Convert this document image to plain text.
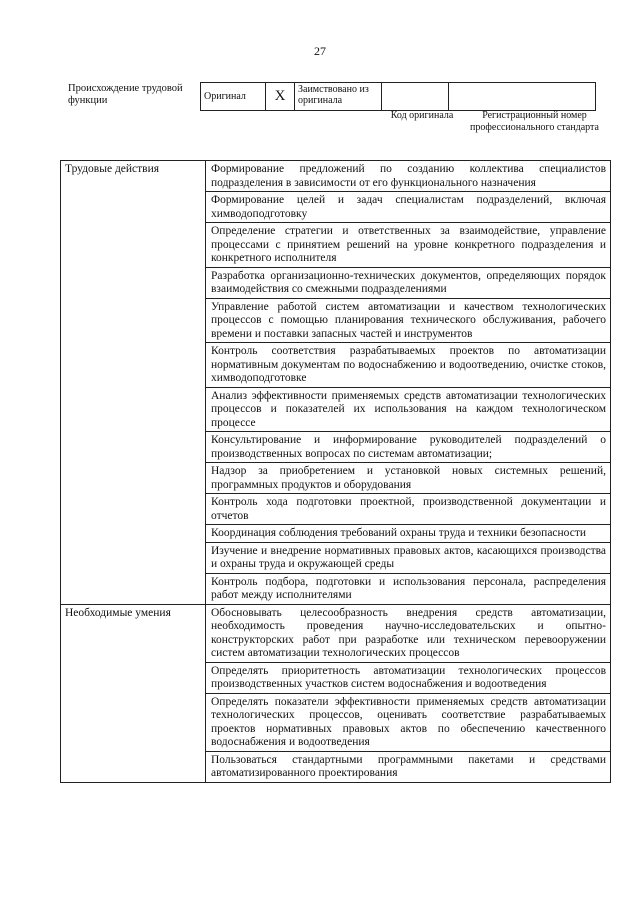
27
Происхождение трудовой функции	Оригинал	X	Заимствовано из оригинала		
Код оригинала	Регистрационный номер профессионального стандарта
Трудовые действия	Формирование предложений по созданию коллектива специалистов подразделения в зависимости от его функционального назначения
	Формирование целей и задач специалистам подразделений, включая химводоподготовку
	Определение стратегии и ответственных за взаимодействие, управление процессами с принятием решений на уровне конкретного подразделения и конкретного исполнителя
	Разработка организационно-технических документов, определяющих порядок взаимодействия со смежными подразделениями
	Управление работой систем автоматизации и качеством технологических процессов с помощью планирования технического обслуживания, рабочего времени и поставки запасных частей и инструментов
	Контроль соответствия разрабатываемых проектов по автоматизации нормативным документам по водоснабжению и водоотведению, очистке стоков, химводоподготовке
	Анализ эффективности применяемых средств автоматизации технологических процессов и показателей их использования на каждом технологическом процессе
	Консультирование и информирование руководителей подразделений о производственных вопросах по системам автоматизации;
	Надзор за приобретением и установкой новых системных решений, программных продуктов и оборудования
	Контроль хода подготовки проектной, производственной документации и отчетов
	Координация соблюдения требований охраны труда и техники безопасности
	Изучение и внедрение нормативных правовых актов, касающихся производства и охраны труда и окружающей среды
	Контроль подбора, подготовки и использования персонала, распределения работ между исполнителями
Необходимые умения	Обосновывать целесообразность внедрения средств автоматизации, необходимость проведения научно-исследовательских и опытно-конструкторских работ при разработке или техническом перевооружении систем автоматизации технологических процессов
	Определять приоритетность автоматизации технологических процессов производственных участков систем водоснабжения и водоотведения
	Определять показатели эффективности применяемых средств автоматизации технологических процессов, оценивать соответствие разрабатываемых проектов нормативных правовых актов по обеспечению качественного водоснабжения и водоотведения
	Пользоваться стандартными программными пакетами и средствами автоматизированного проектирования
